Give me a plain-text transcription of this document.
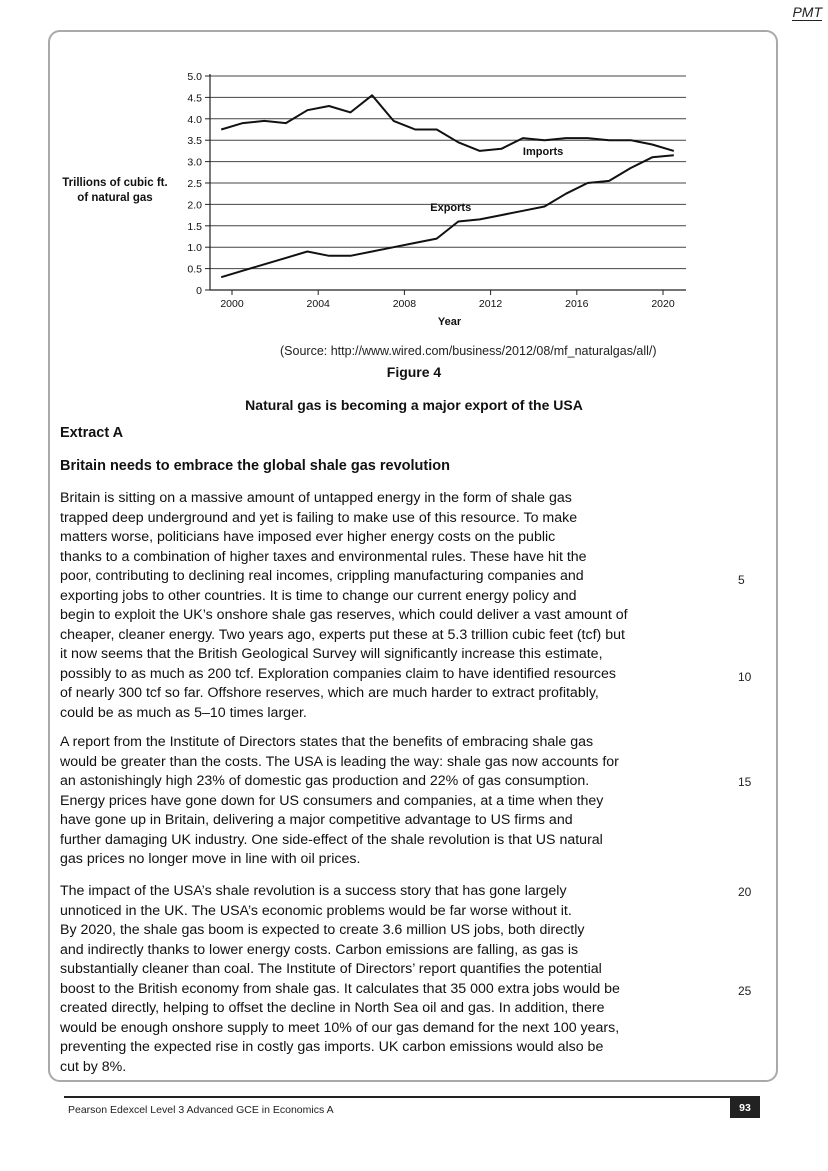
PMT
0
0.5
1.0
1.5
2.0
2.5
3.0
3.5
4.0
4.5
5.0
2000	2004	2008	2012	2016	2020
Year
Imports
Exports
Trillions of cubic ft.
of natural gas
(Source: http://www.wired.com/business/2012/08/mf_naturalgas/all/)
Figure 4
Natural gas is becoming a major export of the USA
Extract A
Britain needs to embrace the global shale gas revolution
Britain is sitting on a massive amount of untapped energy in the form of shale gas
trapped deep underground and yet is failing to make use of this resource. To make
matters worse, politicians have imposed ever higher energy costs on the public
thanks to a combination of higher taxes and environmental rules. These have hit the
poor, contributing to declining real incomes, crippling manufacturing companies and
exporting jobs to other countries. It is time to change our current energy policy and
begin to exploit the UK’s onshore shale gas reserves, which could deliver a vast amount of
cheaper, cleaner energy. Two years ago, experts put these at 5.3 trillion cubic feet (tcf) but
it now seems that the British Geological Survey will significantly increase this estimate,
possibly to as much as 200 tcf. Exploration companies claim to have identified resources
of nearly 300 tcf so far. Offshore reserves, which are much harder to extract profitably,
could be as much as 5–10 times larger.
A report from the Institute of Directors states that the benefits of embracing shale gas
would be greater than the costs. The USA is leading the way: shale gas now accounts for
an astonishingly high 23% of domestic gas production and 22% of gas consumption.
Energy prices have gone down for US consumers and companies, at a time when they
have gone up in Britain, delivering a major competitive advantage to US firms and
further damaging UK industry. One side-effect of the shale revolution is that US natural
gas prices no longer move in line with oil prices.
The impact of the USA’s shale revolution is a success story that has gone largely
unnoticed in the UK. The USA’s economic problems would be far worse without it.
By 2020, the shale gas boom is expected to create 3.6 million US jobs, both directly
and indirectly thanks to lower energy costs. Carbon emissions are falling, as gas is
substantially cleaner than coal. The Institute of Directors’ report quantifies the potential
boost to the British economy from shale gas. It calculates that 35 000 extra jobs would be
created directly, helping to offset the decline in North Sea oil and gas. In addition, there
would be enough onshore supply to meet 10% of our gas demand for the next 100 years,
preventing the expected rise in costly gas imports. UK carbon emissions would also be
cut by 8%.
5
10
15
20
25
Pearson Edexcel Level 3 Advanced GCE in Economics A	93
